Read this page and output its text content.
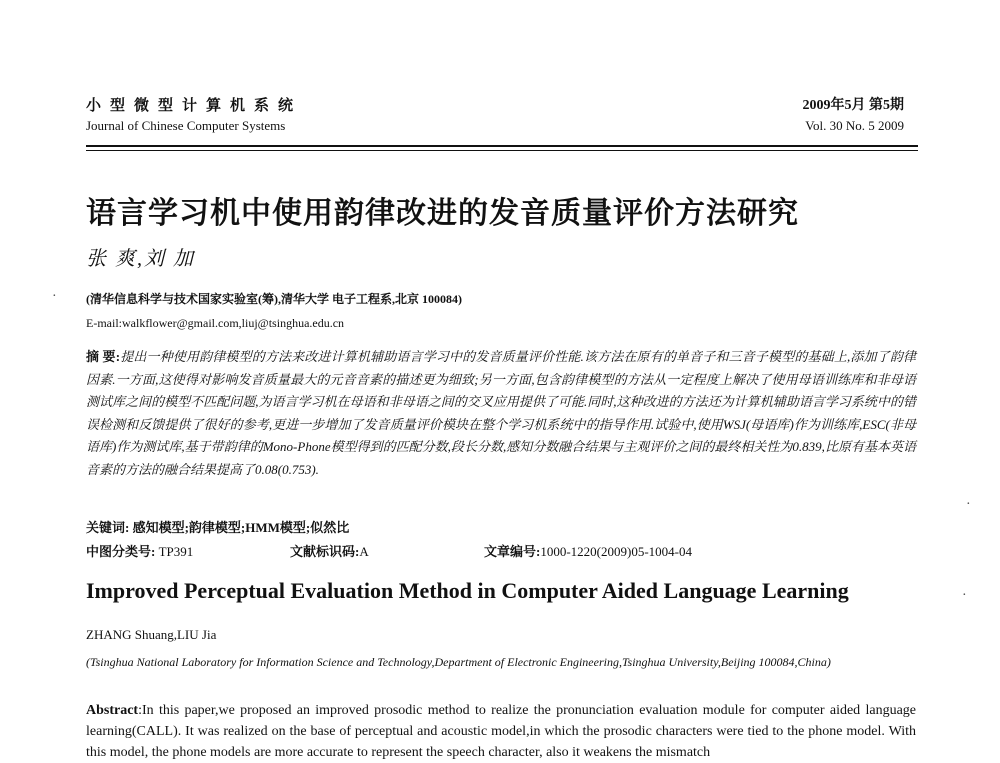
小型微型计算机系统
Journal of Chinese Computer Systems
2009年5月 第5期
Vol. 30 No. 5 2009
语言学习机中使用韵律改进的发音质量评价方法研究
张 爽,刘 加
(清华信息科学与技术国家实验室(筹),清华大学 电子工程系,北京 100084)
E-mail:walkflower@gmail.com,liuj@tsinghua.edu.cn
·
·
·
摘 要:提出一种使用韵律模型的方法来改进计算机辅助语言学习中的发音质量评价性能.该方法在原有的单音子和三音子模型的基础上,添加了韵律因素.一方面,这使得对影响发音质量最大的元音音素的描述更为细致;另一方面,包含韵律模型的方法从一定程度上解决了使用母语训练库和非母语测试库之间的模型不匹配问题,为语言学习机在母语和非母语之间的交叉应用提供了可能.同时,这种改进的方法还为计算机辅助语言学习系统中的错误检测和反馈提供了很好的参考,更进一步增加了发音质量评价模块在整个学习机系统中的指导作用.试验中,使用WSJ(母语库)作为训练库,ESC(非母语库)作为测试库,基于带韵律的Mono-Phone模型得到的匹配分数,段长分数,感知分数融合结果与主观评价之间的最终相关性为0.839,比原有基本英语音素的方法的融合结果提高了0.08(0.753).
关键词: 感知模型;韵律模型;HMM模型;似然比
中图分类号: TP391	文献标识码:A	文章编号:1000-1220(2009)05-1004-04
Improved Perceptual Evaluation Method in Computer Aided Language Learning
ZHANG Shuang,LIU Jia
(Tsinghua National Laboratory for Information Science and Technology,Department of Electronic Engineering,Tsinghua University,Beijing 100084,China)
Abstract:In this paper,we proposed an improved prosodic method to realize the pronunciation evaluation module for computer aided language learning(CALL). It was realized on the base of perceptual and acoustic model,in which the prosodic characters were tied to the phone model. With this model, the phone models are more accurate to represent the speech character, also it weakens the mismatch
